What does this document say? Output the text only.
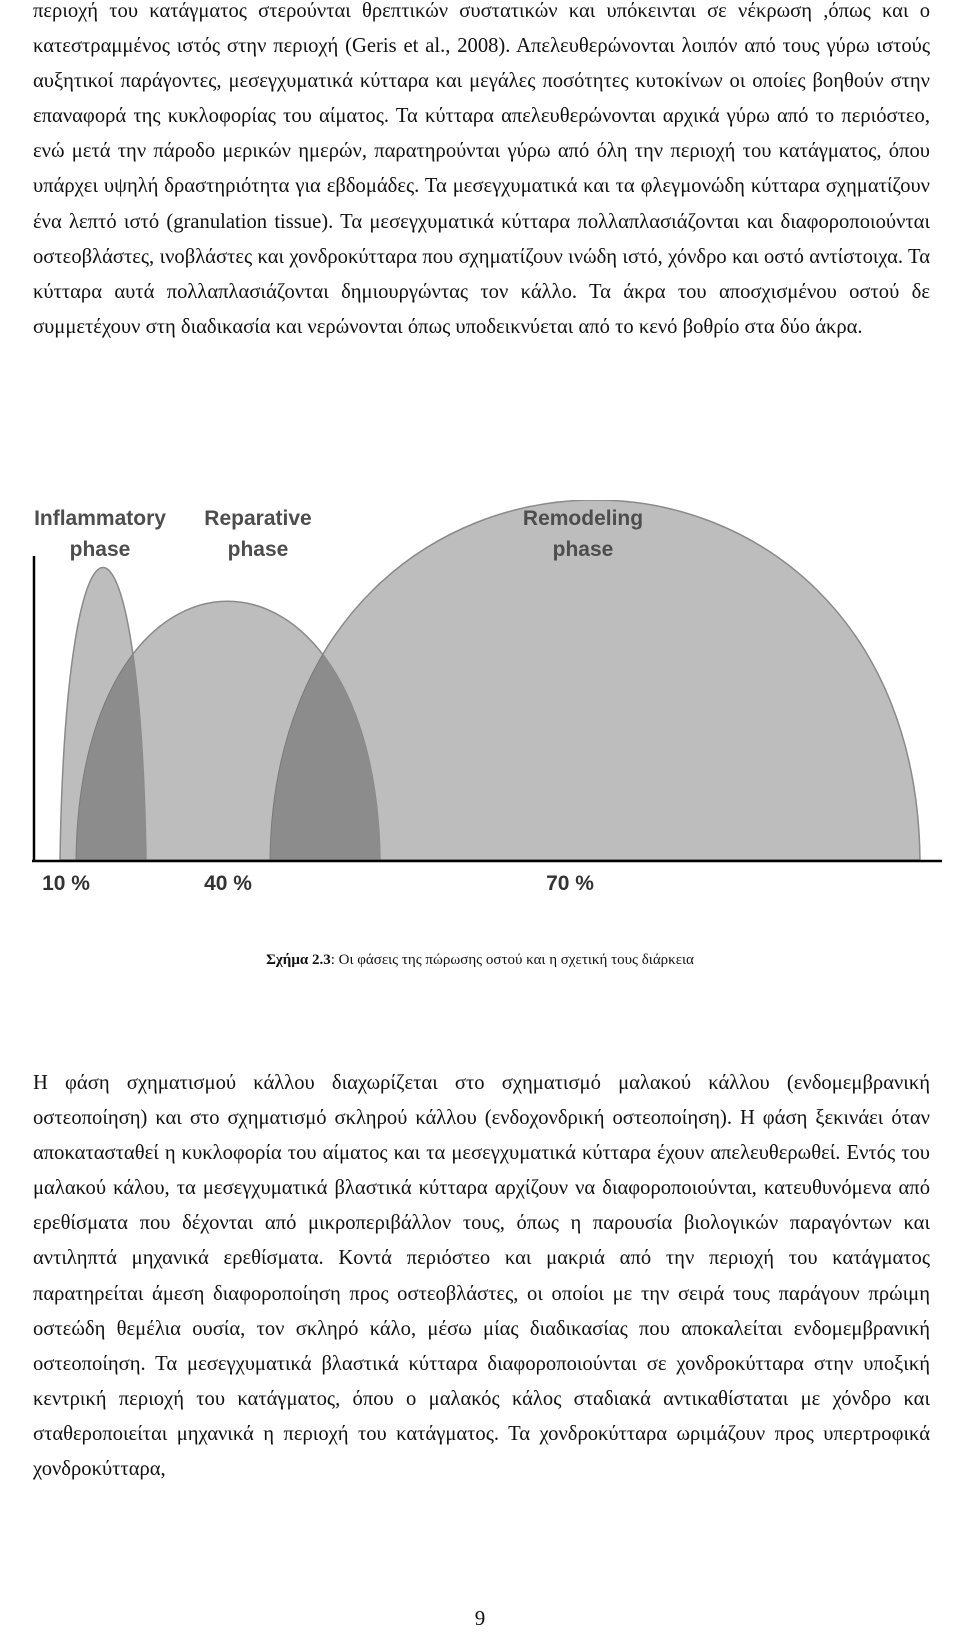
περιοχή του κατάγματος στερούνται θρεπτικών συστατικών και υπόκεινται σε νέκρωση ,όπως και ο κατεστραμμένος ιστός στην περιοχή (Geris et al., 2008). Απελευθερώνονται λοιπόν από τους γύρω ιστούς αυξητικοί παράγοντες, μεσεγχυματικά κύτταρα και μεγάλες ποσότητες κυτοκίνων οι οποίες βοηθούν στην επαναφορά της κυκλοφορίας του αίματος. Τα κύτταρα απελευθερώνονται αρχικά γύρω από το περιόστεο, ενώ μετά την πάροδο μερικών ημερών, παρατηρούνται γύρω από όλη την περιοχή του κατάγματος, όπου υπάρχει υψηλή δραστηριότητα για εβδομάδες. Τα μεσεγχυματικά και τα φλεγμονώδη κύτταρα σχηματίζουν ένα λεπτό ιστό (granulation tissue). Τα μεσεγχυματικά κύτταρα πολλαπλασιάζονται και διαφοροποιούνται οστεοβλάστες, ινοβλάστες και χονδροκύτταρα που σχηματίζουν ινώδη ιστό, χόνδρο και οστό αντίστοιχα. Τα κύτταρα αυτά πολλαπλασιάζονται δημιουργώντας τον κάλλο. Τα άκρα του αποσχισμένου οστού δε συμμετέχουν στη διαδικασία και νερώνονται όπως υποδεικνύεται από το κενό βοθρίο στα δύο άκρα.

Inflammatory
phase
Reparative
phase
Remodeling
phase
10 %	40 %	70 %

Σχήμα 2.3: Οι φάσεις της πώρωσης οστού και η σχετική τους διάρκεια

Η φάση σχηματισμού κάλλου διαχωρίζεται στο σχηματισμό μαλακού κάλλου (ενδομεμβρανική οστεοποίηση) και στο σχηματισμό σκληρού κάλλου (ενδοχονδρική οστεοποίηση). Η φάση ξεκινάει όταν αποκατασταθεί η κυκλοφορία του αίματος και τα μεσεγχυματικά κύτταρα έχουν απελευθερωθεί. Εντός του μαλακού κάλου, τα μεσεγχυματικά βλαστικά κύτταρα αρχίζουν να διαφοροποιούνται, κατευθυνόμενα από ερεθίσματα που δέχονται από μικροπεριβάλλον τους, όπως η παρουσία βιολογικών παραγόντων και αντιληπτά μηχανικά ερεθίσματα. Κοντά περιόστεο και μακριά από την περιοχή του κατάγματος παρατηρείται άμεση διαφοροποίηση προς οστεοβλάστες, οι οποίοι με την σειρά τους παράγουν πρώιμη οστεώδη θεμέλια ουσία, τον σκληρό κάλο, μέσω μίας διαδικασίας που αποκαλείται ενδομεμβρανική οστεοποίηση. Τα μεσεγχυματικά βλαστικά κύτταρα διαφοροποιούνται σε χονδροκύτταρα στην υποξική κεντρική περιοχή του κατάγματος, όπου ο μαλακός κάλος σταδιακά αντικαθίσταται με χόνδρο και σταθεροποιείται μηχανικά η περιοχή του κατάγματος. Τα χονδροκύτταρα ωριμάζουν προς υπερτροφικά χονδροκύτταρα,

9
